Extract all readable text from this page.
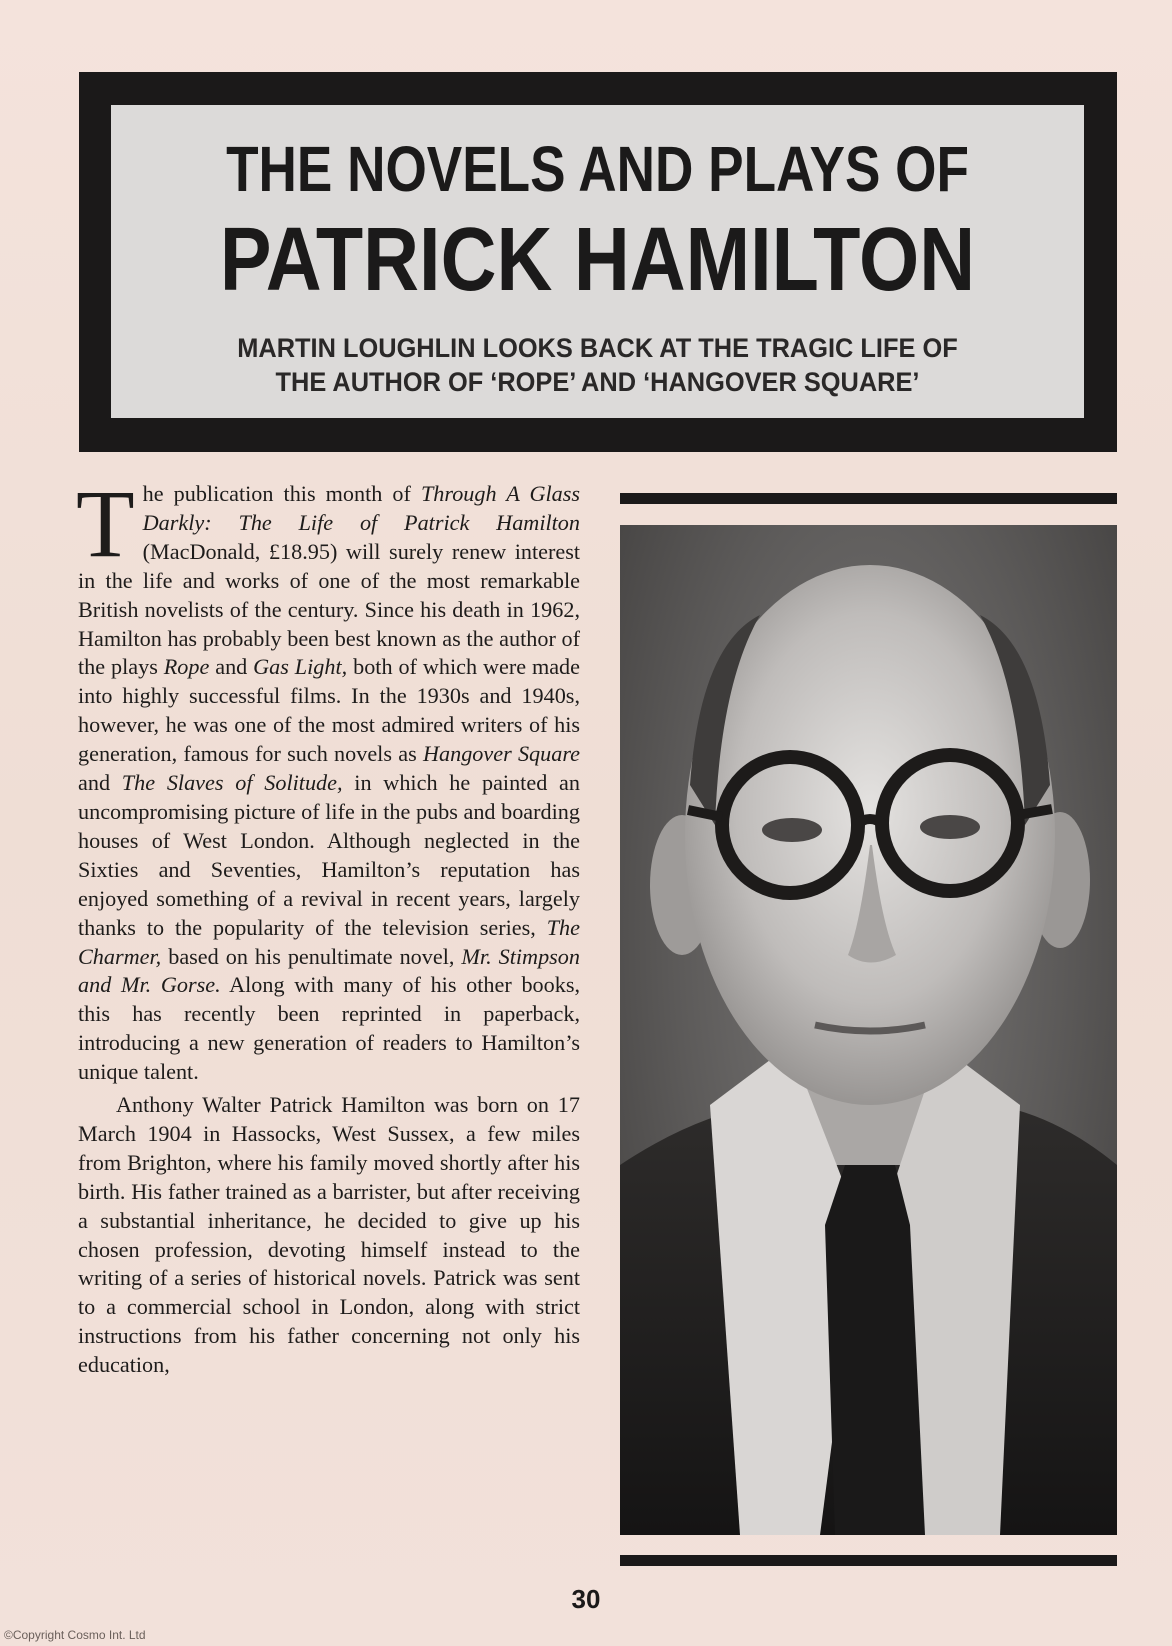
THE NOVELS AND PLAYS OF
PATRICK HAMILTON
MARTIN LOUGHLIN LOOKS BACK AT THE TRAGIC LIFE OF
THE AUTHOR OF ‘ROPE’ AND ‘HANGOVER SQUARE’

The publication this month of Through A Glass Darkly: The Life of Patrick Hamilton (MacDonald, £18.95) will surely renew interest in the life and works of one of the most remarkable British novelists of the century. Since his death in 1962, Hamilton has probably been best known as the author of the plays Rope and Gas Light, both of which were made into highly successful films. In the 1930s and 1940s, however, he was one of the most admired writers of his generation, famous for such novels as Hangover Square and The Slaves of Solitude, in which he painted an uncompromising picture of life in the pubs and boarding houses of West London. Although neglected in the Sixties and Seventies, Hamilton’s reputation has enjoyed something of a revival in recent years, largely thanks to the popularity of the television series, The Charmer, based on his penultimate novel, Mr. Stimpson and Mr. Gorse. Along with many of his other books, this has recently been reprinted in paperback, introducing a new generation of readers to Hamilton’s unique talent.

Anthony Walter Patrick Hamilton was born on 17 March 1904 in Hassocks, West Sussex, a few miles from Brighton, where his family moved shortly after his birth. His father trained as a barrister, but after receiving a substantial inheritance, he decided to give up his chosen profession, devoting himself instead to the writing of a series of historical novels. Patrick was sent to a commercial school in London, along with strict instructions from his father concerning not only his education,

30
©Copyright Cosmo Int. Ltd
